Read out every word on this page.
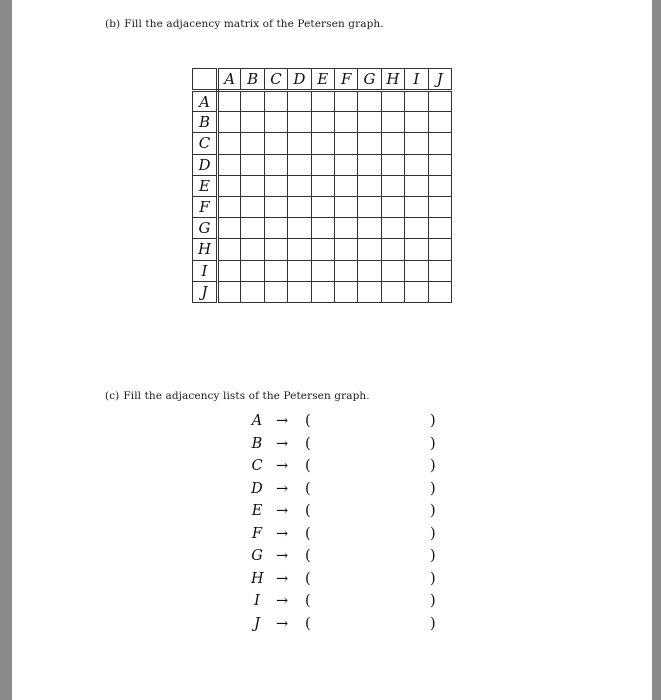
(b) Fill the adjacency matrix of the Petersen graph.
	A	B	C	D	E	F	G	H	I	J
A										
B										
C										
D										
E										
F										
G										
H										
I										
J										
(c) Fill the adjacency lists of the Petersen graph.
A → (	)
B → (	)
C → (	)
D → (	)
E → (	)
F → (	)
G → (	)
H → (	)
I → (	)
J → (	)
